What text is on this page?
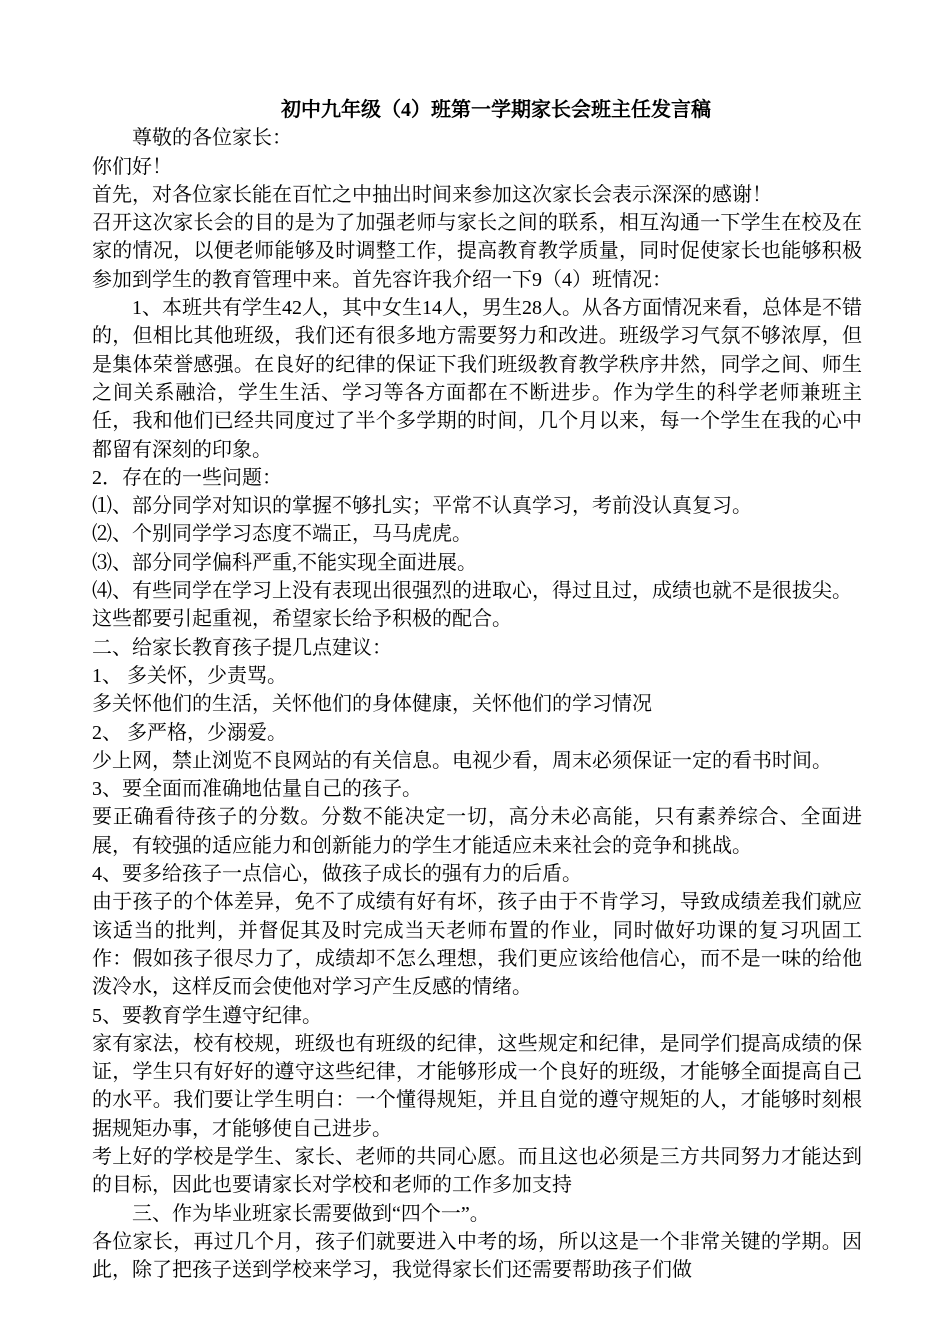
初中九年级（4）班第一学期家长会班主任发言稿

尊敬的各位家长：

你们好！

首先，对各位家长能在百忙之中抽出时间来参加这次家长会表示深深的感谢！

召开这次家长会的目的是为了加强老师与家长之间的联系，相互沟通一下学生在校及在家的情况，以便老师能够及时调整工作，提高教育教学质量，同时促使家长也能够积极参加到学生的教育管理中来。首先容许我介绍一下9（4）班情况：

1、本班共有学生42人，其中女生14人，男生28人。从各方面情况来看，总体是不错的，但相比其他班级，我们还有很多地方需要努力和改进。班级学习气氛不够浓厚，但是集体荣誉感强。在良好的纪律的保证下我们班级教育教学秩序井然，同学之间、师生之间关系融洽，学生生活、学习等各方面都在不断进步。作为学生的科学老师兼班主任，我和他们已经共同度过了半个多学期的时间，几个月以来，每一个学生在我的心中都留有深刻的印象。

2．存在的一些问题：

⑴、部分同学对知识的掌握不够扎实；平常不认真学习，考前没认真复习。

⑵、个别同学学习态度不端正，马马虎虎。

⑶、部分同学偏科严重,不能实现全面进展。

⑷、有些同学在学习上没有表现出很强烈的进取心，得过且过，成绩也就不是很拔尖。

这些都要引起重视，希望家长给予积极的配合。

二、给家长教育孩子提几点建议：

1、 多关怀，少责骂。

多关怀他们的生活，关怀他们的身体健康，关怀他们的学习情况

2、 多严格，少溺爱。

少上网，禁止浏览不良网站的有关信息。电视少看，周末必须保证一定的看书时间。

3、要全面而准确地估量自己的孩子。

要正确看待孩子的分数。分数不能决定一切，高分未必高能，只有素养综合、全面进展，有较强的适应能力和创新能力的学生才能适应未来社会的竞争和挑战。

4、要多给孩子一点信心，做孩子成长的强有力的后盾。

由于孩子的个体差异，免不了成绩有好有坏，孩子由于不肯学习，导致成绩差我们就应该适当的批判，并督促其及时完成当天老师布置的作业，同时做好功课的复习巩固工作：假如孩子很尽力了，成绩却不怎么理想，我们更应该给他信心，而不是一味的给他泼冷水，这样反而会使他对学习产生反感的情绪。

5、要教育学生遵守纪律。

家有家法，校有校规，班级也有班级的纪律，这些规定和纪律，是同学们提高成绩的保证，学生只有好好的遵守这些纪律，才能够形成一个良好的班级，才能够全面提高自己的水平。我们要让学生明白：一个懂得规矩，并且自觉的遵守规矩的人，才能够时刻根据规矩办事，才能够使自己进步。

考上好的学校是学生、家长、老师的共同心愿。而且这也必须是三方共同努力才能达到的目标，因此也要请家长对学校和老师的工作多加支持

三、作为毕业班家长需要做到“四个一”。

各位家长，再过几个月，孩子们就要进入中考的场，所以这是一个非常关键的学期。因此，除了把孩子送到学校来学习，我觉得家长们还需要帮助孩子们做
